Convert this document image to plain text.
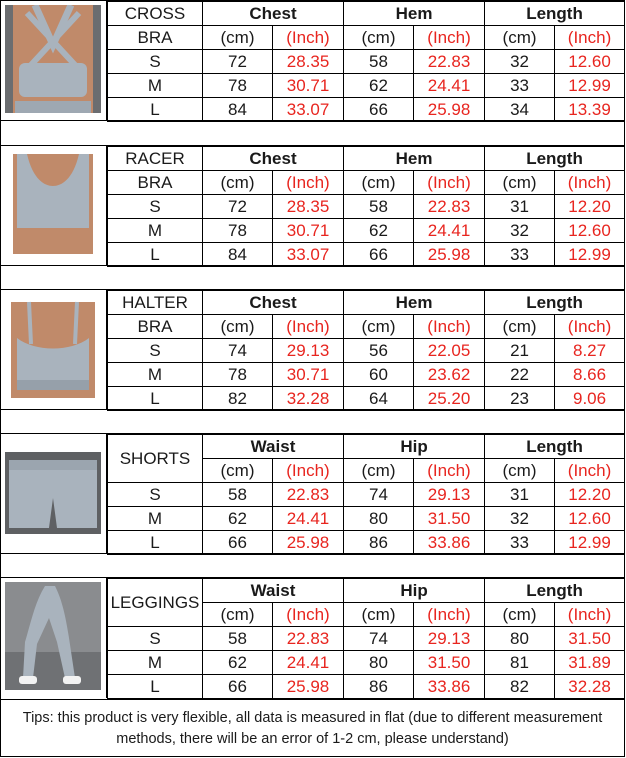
CROSS	Chest		Hem		Length	
BRA	(cm)	(Inch)	(cm)	(Inch)	(cm)	(Inch)
S	72	28.35	58	22.83	32	12.60
M	78	30.71	62	24.41	33	12.99
L	84	33.07	66	25.98	34	13.39
RACER	Chest		Hem		Length	
BRA	(cm)	(Inch)	(cm)	(Inch)	(cm)	(Inch)
S	72	28.35	58	22.83	31	12.20
M	78	30.71	62	24.41	32	12.60
L	84	33.07	66	25.98	33	12.99
HALTER	Chest		Hem		Length	
BRA	(cm)	(Inch)	(cm)	(Inch)	(cm)	(Inch)
S	74	29.13	56	22.05	21	8.27
M	78	30.71	60	23.62	22	8.66
L	82	32.28	64	25.20	23	9.06
SHORTS	Waist		Hip		Length	
	(cm)	(Inch)	(cm)	(Inch)	(cm)	(Inch)
S	58	22.83	74	29.13	31	12.20
M	62	24.41	80	31.50	32	12.60
L	66	25.98	86	33.86	33	12.99
LEGGINGS	Waist		Hip		Length	
	(cm)	(Inch)	(cm)	(Inch)	(cm)	(Inch)
S	58	22.83	74	29.13	80	31.50
M	62	24.41	80	31.50	81	31.89
L	66	25.98	86	33.86	82	32.28
Tips: this product is very flexible, all data is measured in flat (due to different measurement methods, there will be an error of 1-2 cm, please understand)
